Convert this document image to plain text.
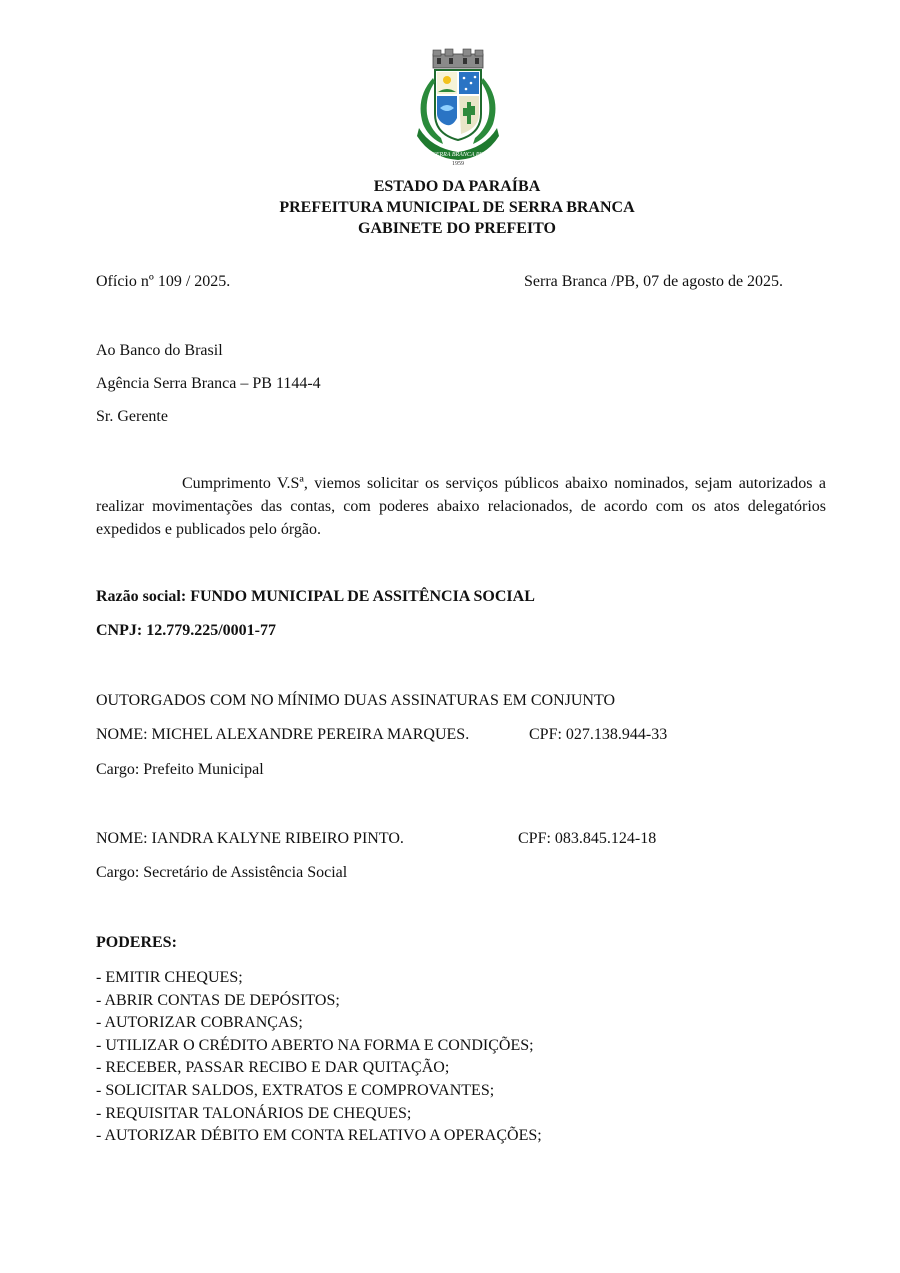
SERRA BRANCA PB
1959
ESTADO DA PARAÍBA
PREFEITURA MUNICIPAL DE SERRA BRANCA
GABINETE DO PREFEITO
Ofício nº 109 / 2025.	Serra Branca /PB, 07 de agosto de 2025.
Ao Banco do Brasil
Agência Serra Branca – PB 1144-4
Sr. Gerente
Cumprimento V.Sª, viemos solicitar os serviços públicos abaixo nominados, sejam autorizados a realizar movimentações das contas, com poderes abaixo relacionados, de acordo com os atos delegatórios expedidos e publicados pelo órgão.
Razão social: FUNDO MUNICIPAL DE ASSITÊNCIA SOCIAL
CNPJ: 12.779.225/0001-77
OUTORGADOS COM NO MÍNIMO DUAS ASSINATURAS EM CONJUNTO
NOME: MICHEL ALEXANDRE PEREIRA MARQUES.	CPF: 027.138.944-33
Cargo: Prefeito Municipal
NOME: IANDRA KALYNE RIBEIRO PINTO.	CPF: 083.845.124-18
Cargo: Secretário de Assistência Social
PODERES:
- EMITIR CHEQUES;
- ABRIR CONTAS DE DEPÓSITOS;
- AUTORIZAR COBRANÇAS;
- UTILIZAR O CRÉDITO ABERTO NA FORMA E CONDIÇÕES;
- RECEBER, PASSAR RECIBO E DAR QUITAÇÃO;
- SOLICITAR SALDOS, EXTRATOS E COMPROVANTES;
- REQUISITAR TALONÁRIOS DE CHEQUES;
- AUTORIZAR DÉBITO EM CONTA RELATIVO A OPERAÇÕES;
